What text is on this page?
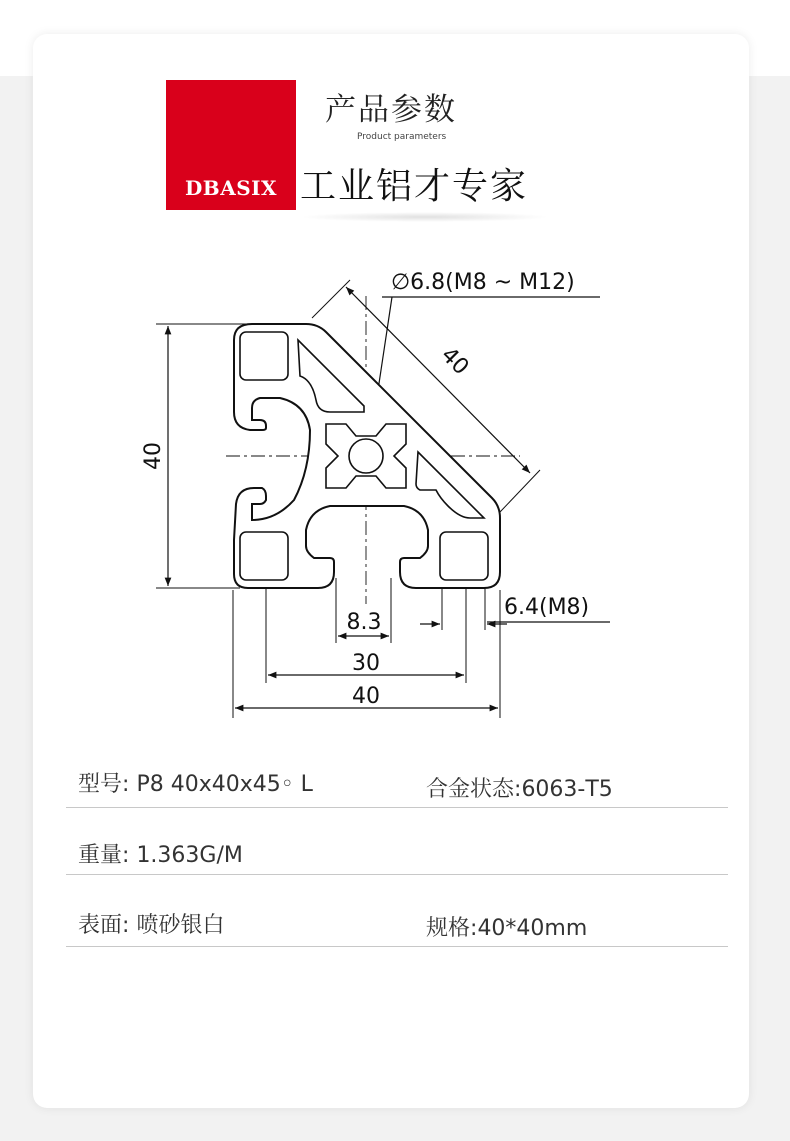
DBASIX
产品参数
Product parameters
工业铝才专家
∅6.8(M8 ~ M12)
40
40
8.3
30
40
6.4(M8)
型号: P8 40x40x45◦ L	合金状态:6063-T5
重量: 1.363G/M
表面: 喷砂银白	规格:40*40mm
